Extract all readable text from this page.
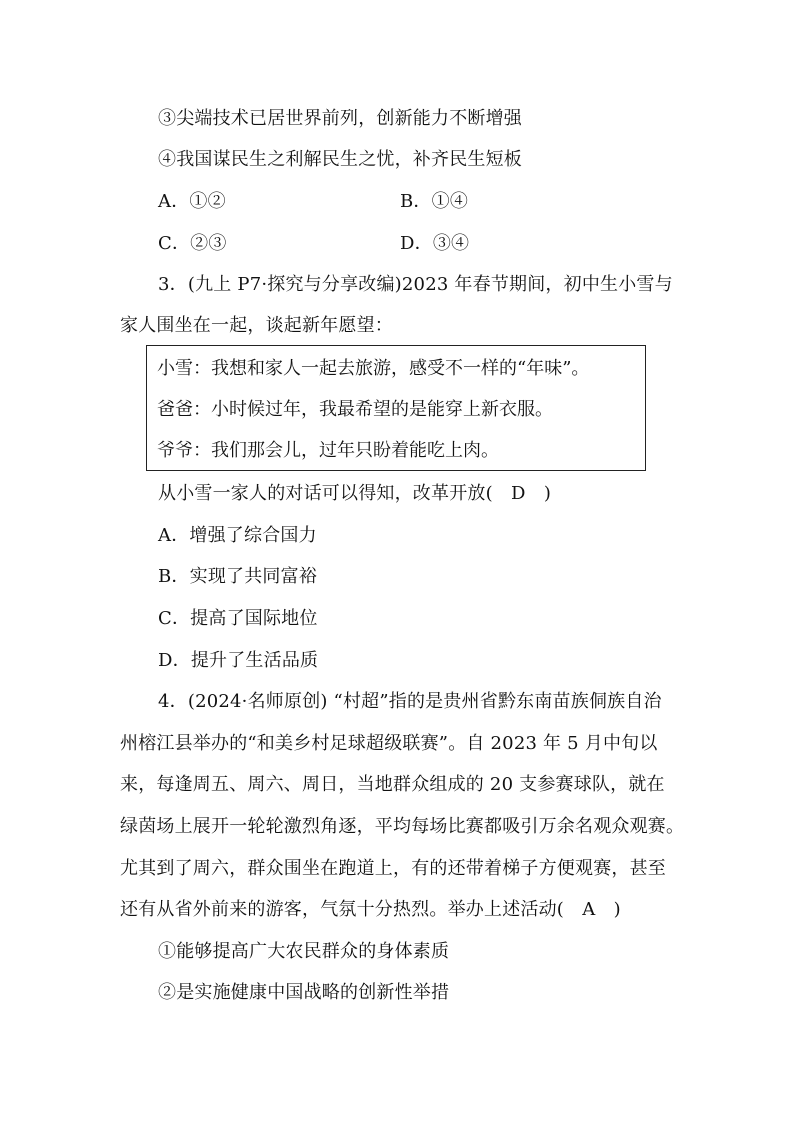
③尖端技术已居世界前列，创新能力不断增强
④我国谋民生之利解民生之忧，补齐民生短板
A．①②	B．①④
C．②③	D．③④
3．(九上 P7·探究与分享改编)2023 年春节期间，初中生小雪与
家人围坐在一起，谈起新年愿望：
小雪：我想和家人一起去旅游，感受不一样的“年味”。
爸爸：小时候过年，我最希望的是能穿上新衣服。
爷爷：我们那会儿，过年只盼着能吃上肉。
从小雪一家人的对话可以得知，改革开放(　D　)
A．增强了综合国力
B．实现了共同富裕
C．提高了国际地位
D．提升了生活品质
4．(2024·名师原创) “村超”指的是贵州省黔东南苗族侗族自治
州榕江县举办的“和美乡村足球超级联赛”。自 2023 年 5 月中旬以
来，每逢周五、周六、周日，当地群众组成的 20 支参赛球队，就在
绿茵场上展开一轮轮激烈角逐，平均每场比赛都吸引万余名观众观赛。
尤其到了周六，群众围坐在跑道上，有的还带着梯子方便观赛，甚至
还有从省外前来的游客，气氛十分热烈。举办上述活动(　A　)
①能够提高广大农民群众的身体素质
②是实施健康中国战略的创新性举措
